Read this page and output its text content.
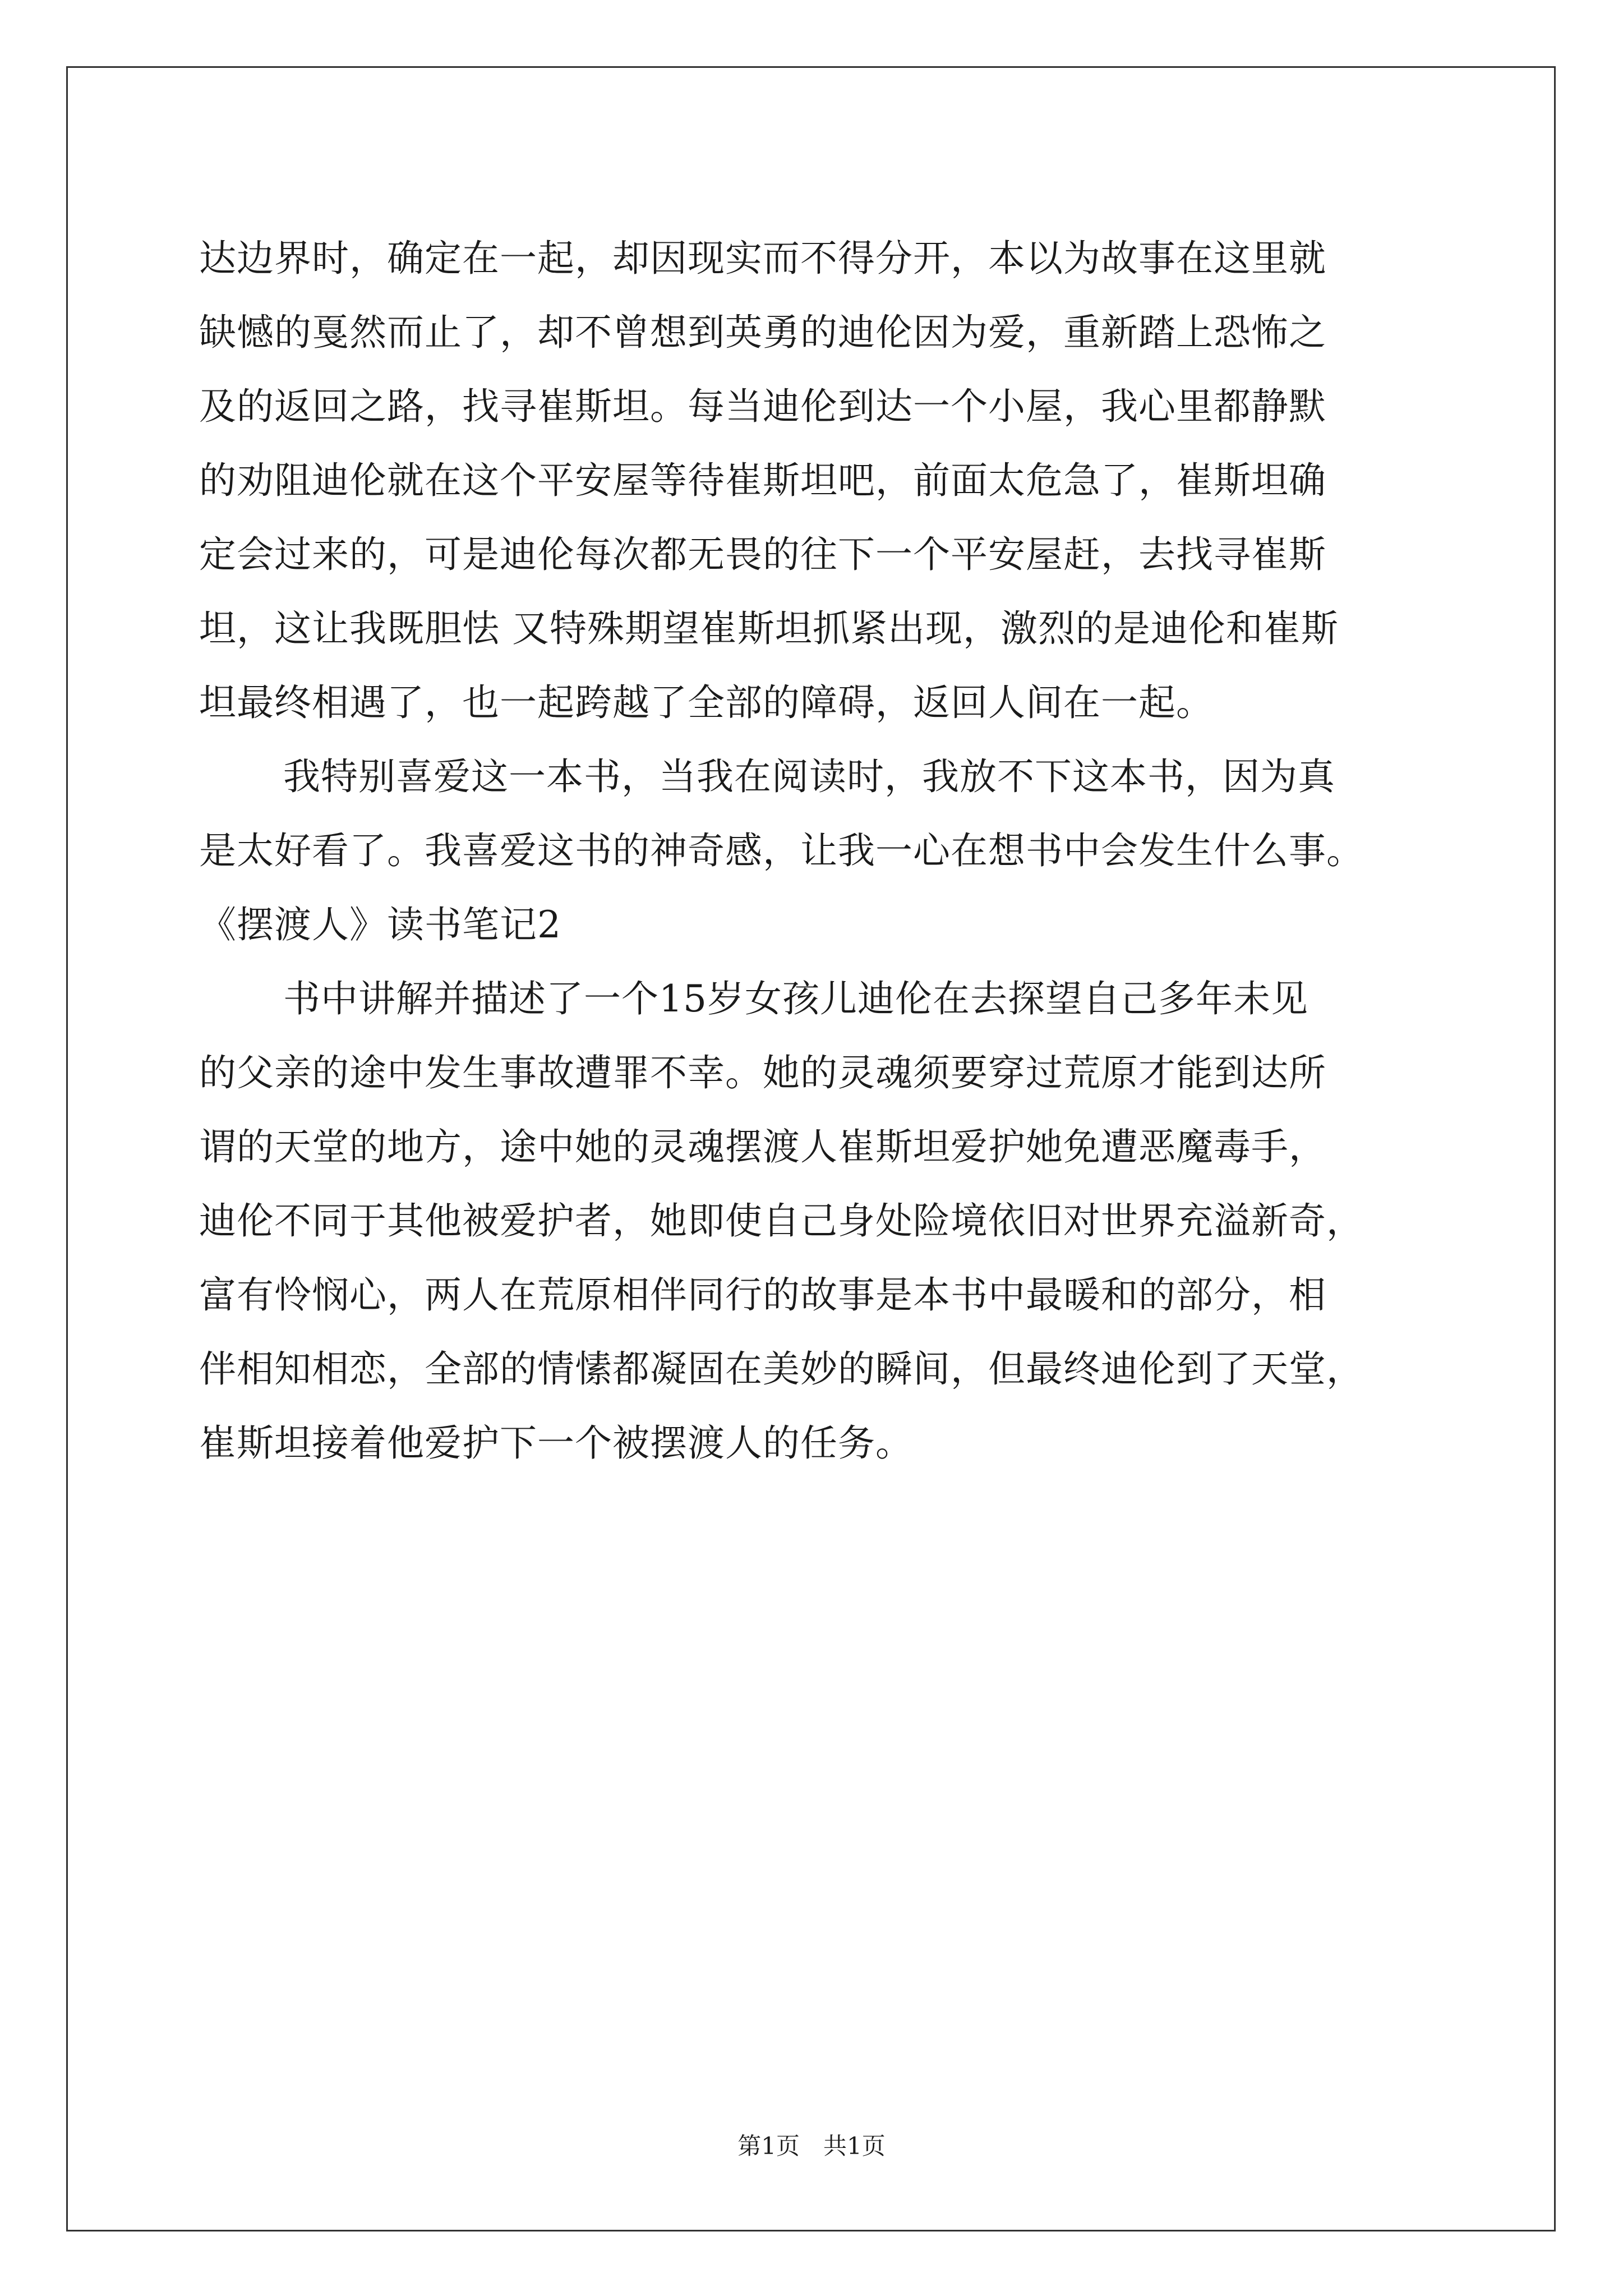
达边界时，确定在一起，却因现实而不得分开，本以为故事在这里就
缺憾的戛然而止了，却不曾想到英勇的迪伦因为爱，重新踏上恐怖之
及的返回之路，找寻崔斯坦。每当迪伦到达一个小屋，我心里都静默
的劝阻迪伦就在这个平安屋等待崔斯坦吧，前面太危急了，崔斯坦确
定会过来的，可是迪伦每次都无畏的往下一个平安屋赶，去找寻崔斯
坦，这让我既胆怯 又特殊期望崔斯坦抓紧出现，激烈的是迪伦和崔斯
坦最终相遇了，也一起跨越了全部的障碍，返回人间在一起。
我特别喜爱这一本书，当我在阅读时，我放不下这本书，因为真
是太好看了。我喜爱这书的神奇感，让我一心在想书中会发生什么事。
《摆渡人》读书笔记2
书中讲解并描述了一个15岁女孩儿迪伦在去探望自己多年未见
的父亲的途中发生事故遭罪不幸。她的灵魂须要穿过荒原才能到达所
谓的天堂的地方，途中她的灵魂摆渡人崔斯坦爱护她免遭恶魔毒手，
迪伦不同于其他被爱护者，她即使自己身处险境依旧对世界充溢新奇，
富有怜悯心，两人在荒原相伴同行的故事是本书中最暖和的部分，相
伴相知相恋，全部的情愫都凝固在美妙的瞬间，但最终迪伦到了天堂，
崔斯坦接着他爱护下一个被摆渡人的任务。
第1页　共1页
